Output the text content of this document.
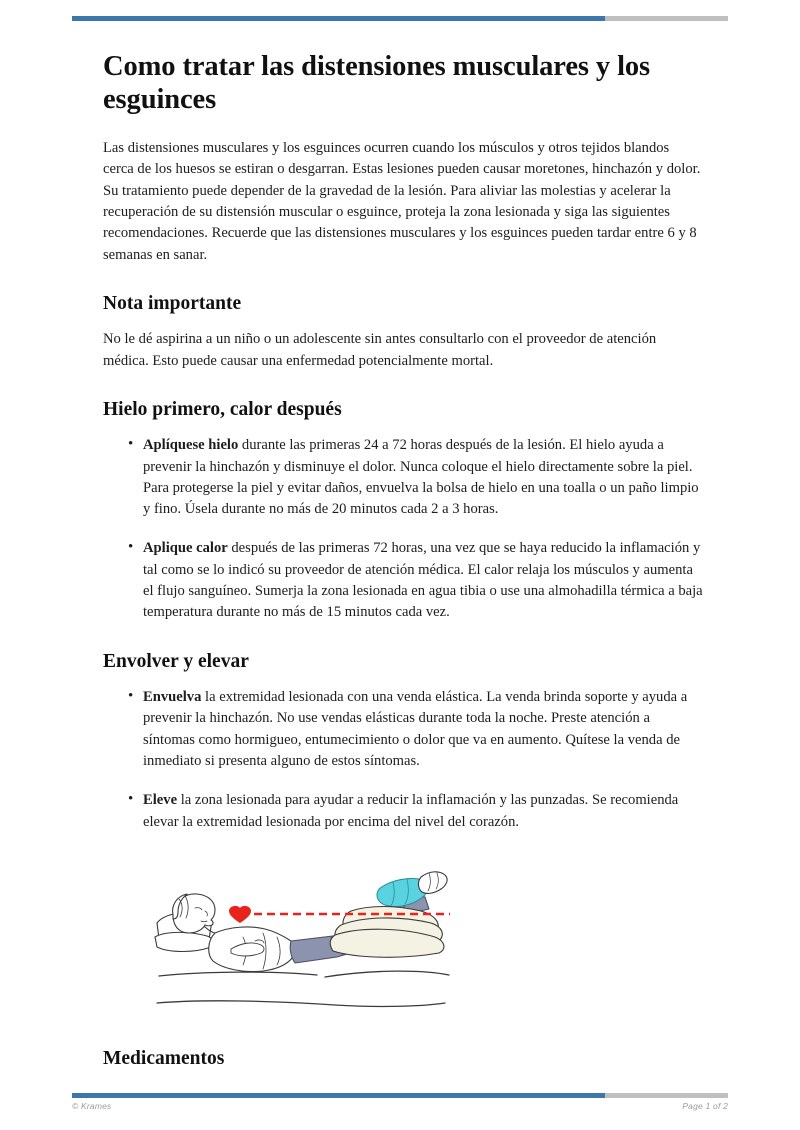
Como tratar las distensiones musculares y los esguinces

Las distensiones musculares y los esguinces ocurren cuando los músculos y otros tejidos blandos cerca de los huesos se estiran o desgarran. Estas lesiones pueden causar moretones, hinchazón y dolor. Su tratamiento puede depender de la gravedad de la lesión. Para aliviar las molestias y acelerar la recuperación de su distensión muscular o esguince, proteja la zona lesionada y siga las siguientes recomendaciones. Recuerde que las distensiones musculares y los esguinces pueden tardar entre 6 y 8 semanas en sanar.

Nota importante

No le dé aspirina a un niño o un adolescente sin antes consultarlo con el proveedor de atención médica. Esto puede causar una enfermedad potencialmente mortal.

Hielo primero, calor después
• Aplíquese hielo durante las primeras 24 a 72 horas después de la lesión. El hielo ayuda a prevenir la hinchazón y disminuye el dolor. Nunca coloque el hielo directamente sobre la piel. Para protegerse la piel y evitar daños, envuelva la bolsa de hielo en una toalla o un paño limpio y fino. Úsela durante no más de 20 minutos cada 2 a 3 horas.
• Aplique calor después de las primeras 72 horas, una vez que se haya reducido la inflamación y tal como se lo indicó su proveedor de atención médica. El calor relaja los músculos y aumenta el flujo sanguíneo. Sumerja la zona lesionada en agua tibia o use una almohadilla térmica a baja temperatura durante no más de 15 minutos cada vez.
Envolver y elevar
• Envuelva la extremidad lesionada con una venda elástica. La venda brinda soporte y ayuda a prevenir la hinchazón. No use vendas elásticas durante toda la noche. Preste atención a síntomas como hormigueo, entumecimiento o dolor que va en aumento. Quítese la venda de inmediato si presenta alguno de estos síntomas.
• Eleve la zona lesionada para ayudar a reducir la inflamación y las punzadas. Se recomienda elevar la extremidad lesionada por encima del nivel del corazón.
Medicamentos
© Krames	Page 1 of 2
